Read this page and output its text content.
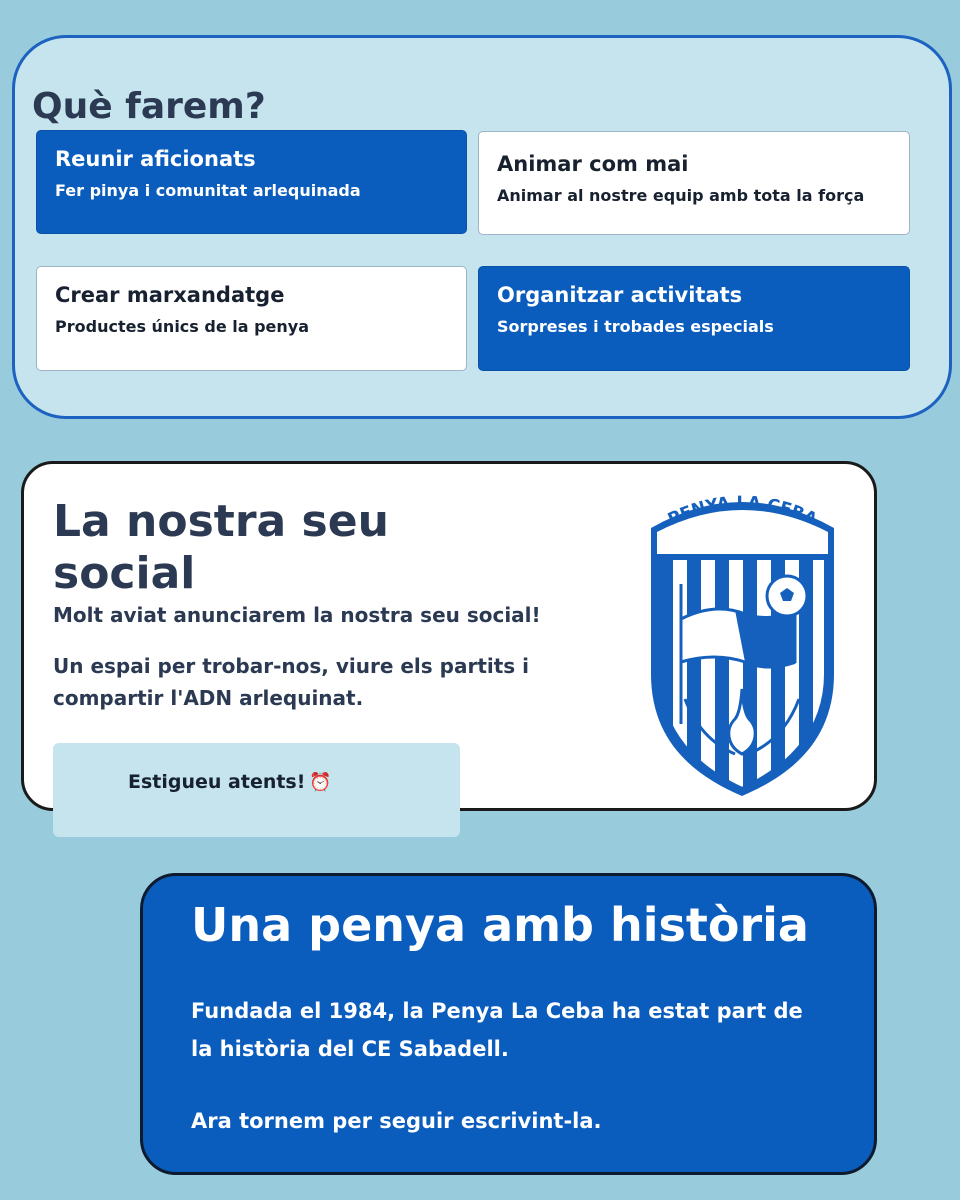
Què farem?

Reunir aficionats

Fer pinya i comunitat arlequinada

Animar com mai

Animar al nostre equip amb tota la força

Crear marxandatge

Productes únics de la penya

Organitzar activitats

Sorpreses i trobades especials

La nostra seu social

Molt aviat anunciarem la nostra seu social!

Un espai per trobar-nos, viure els partits i compartir l'ADN arlequinat.

PENYA LA CEBA
Estigueu atents! ⏰
Una penya amb història

Fundada el 1984, la Penya La Ceba ha estat part de la història del CE Sabadell.

Ara tornem per seguir escrivint-la.
